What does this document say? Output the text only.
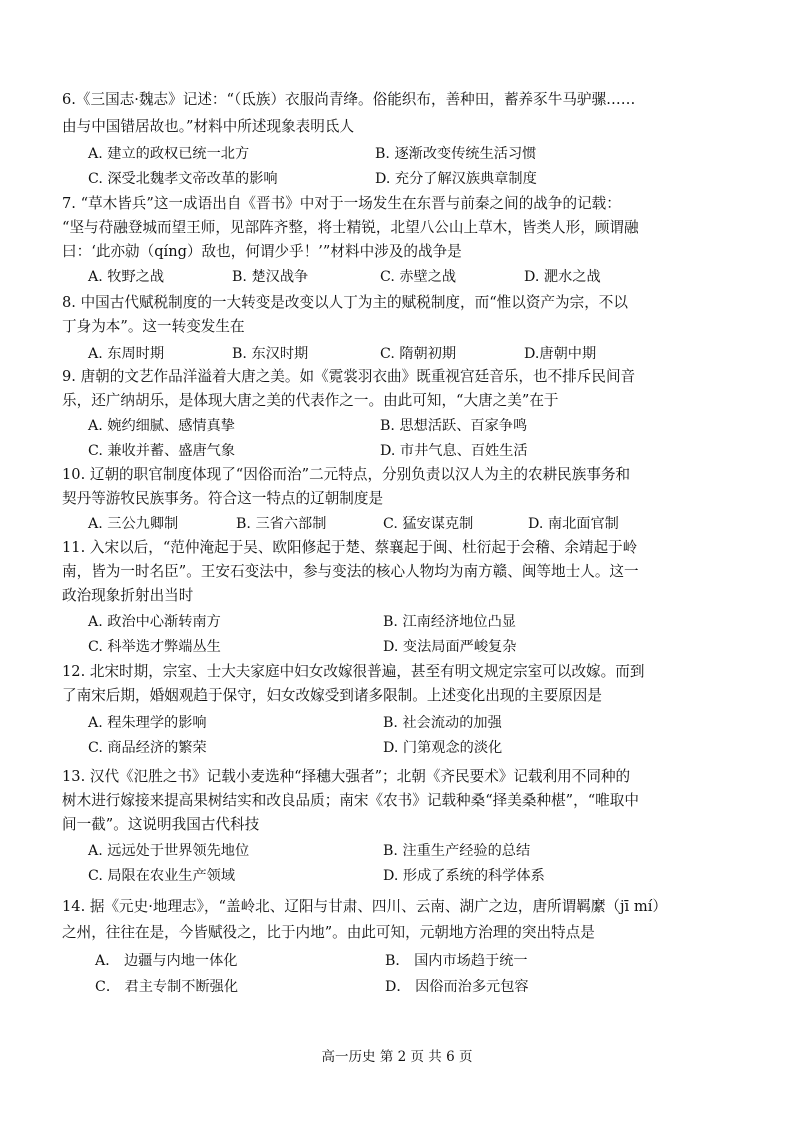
6.《三国志·魏志》记述：“（氐族）衣服尚青绛。俗能织布，善种田，蓄养豕牛马驴骡……
由与中国错居故也。”材料中所述现象表明氐人
A. 建立的政权已统一北方	B. 逐渐改变传统生活习惯
C. 深受北魏孝文帝改革的影响	D. 充分了解汉族典章制度
7. “草木皆兵”这一成语出自《晋书》中对于一场发生在东晋与前秦之间的战争的记载：
“坚与苻融登城而望王师，见部阵齐整，将士精锐，北望八公山上草木，皆类人形，顾谓融
曰：‘此亦勍（qíng）敌也，何谓少乎！’”材料中涉及的战争是
A. 牧野之战	B. 楚汉战争	C. 赤壁之战	D. 淝水之战
8. 中国古代赋税制度的一大转变是改变以人丁为主的赋税制度，而“惟以资产为宗，不以
丁身为本”。这一转变发生在
A. 东周时期	B. 东汉时期	C. 隋朝初期	D.唐朝中期
9. 唐朝的文艺作品洋溢着大唐之美。如《霓裳羽衣曲》既重视宫廷音乐，也不排斥民间音
乐，还广纳胡乐，是体现大唐之美的代表作之一。由此可知，“大唐之美”在于
A. 婉约细腻、感情真挚	B. 思想活跃、百家争鸣
C. 兼收并蓄、盛唐气象	D. 市井气息、百姓生活
10. 辽朝的职官制度体现了“因俗而治”二元特点，分别负责以汉人为主的农耕民族事务和
契丹等游牧民族事务。符合这一特点的辽朝制度是
A. 三公九卿制	B. 三省六部制	C. 猛安谋克制	D. 南北面官制
11. 入宋以后，“范仲淹起于吴、欧阳修起于楚、蔡襄起于闽、杜衍起于会稽、余靖起于岭
南，皆为一时名臣”。王安石变法中，参与变法的核心人物均为南方赣、闽等地士人。这一
政治现象折射出当时
A. 政治中心渐转南方	B. 江南经济地位凸显
C. 科举选才弊端丛生	D. 变法局面严峻复杂
12. 北宋时期，宗室、士大夫家庭中妇女改嫁很普遍，甚至有明文规定宗室可以改嫁。而到
了南宋后期，婚姻观趋于保守，妇女改嫁受到诸多限制。上述变化出现的主要原因是
A. 程朱理学的影响	B. 社会流动的加强
C. 商品经济的繁荣	D. 门第观念的淡化
13. 汉代《氾胜之书》记载小麦选种“择穗大强者”；北朝《齐民要术》记载利用不同种的
树木进行嫁接来提高果树结实和改良品质；南宋《农书》记载种桑“择美桑种椹”，“唯取中
间一截”。这说明我国古代科技
A. 远远处于世界领先地位	B. 注重生产经验的总结
C. 局限在农业生产领域	D. 形成了系统的科学体系
14. 据《元史·地理志》，“盖岭北、辽阳与甘肃、四川、云南、湖广之边，唐所谓羁縻（jī mí）
之州，往往在是，今皆赋役之，比于内地”。由此可知，元朝地方治理的突出特点是
A． 边疆与内地一体化	B． 国内市场趋于统一
C． 君主专制不断强化	D． 因俗而治多元包容
高一历史 第 2 页 共 6 页
